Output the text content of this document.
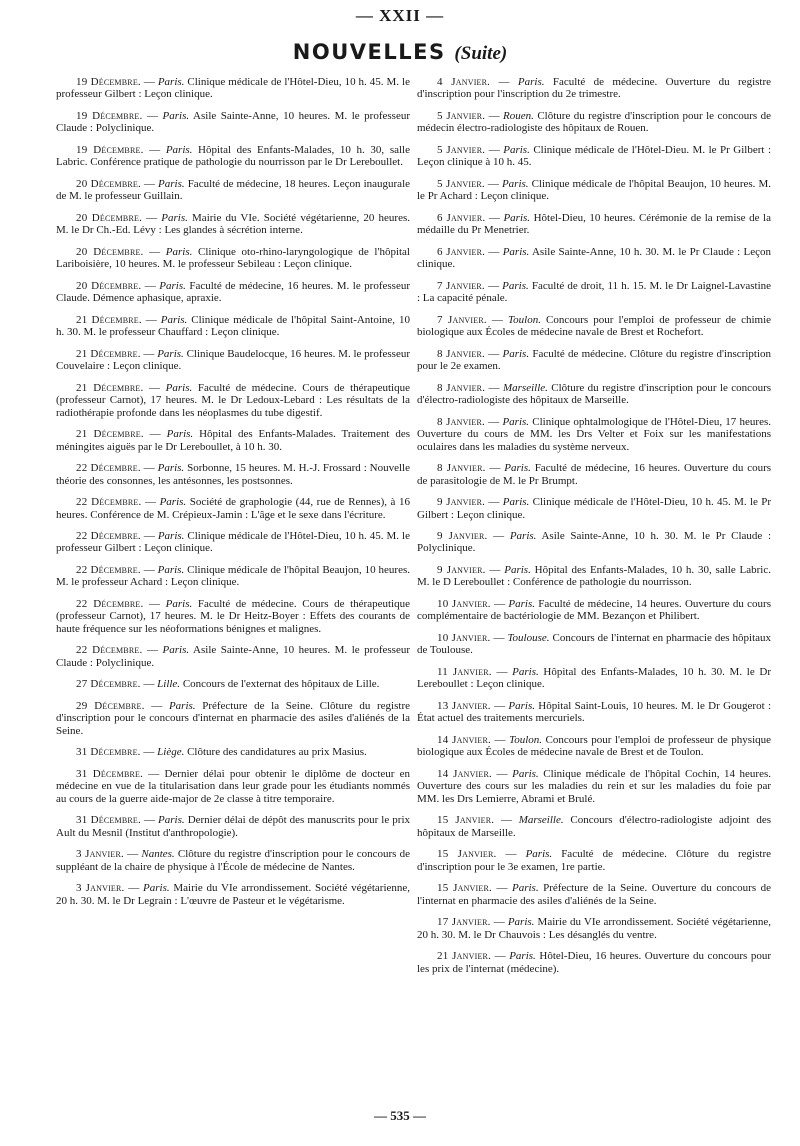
— XXII —
NOUVELLES (Suite)

19 Décembre. — Paris. Clinique médicale de l'Hôtel-Dieu, 10 h. 45. M. le professeur Gilbert : Leçon clinique.

19 Décembre. — Paris. Asile Sainte-Anne, 10 heures. M. le professeur Claude : Polyclinique.

19 Décembre. — Paris. Hôpital des Enfants-Malades, 10 h. 30, salle Labric. Conférence pratique de pathologie du nourrisson par le Dr Lereboullet.

20 Décembre. — Paris. Faculté de médecine, 18 heures. Leçon inaugurale de M. le professeur Guillain.

20 Décembre. — Paris. Mairie du VIe. Société végétarienne, 20 heures. M. le Dr Ch.-Ed. Lévy : Les glandes à sécrétion interne.

20 Décembre. — Paris. Clinique oto-rhino-laryngologique de l'hôpital Lariboisière, 10 heures. M. le professeur Sebileau : Leçon clinique.

20 Décembre. — Paris. Faculté de médecine, 16 heures. M. le professeur Claude. Démence aphasique, apraxie.

21 Décembre. — Paris. Clinique médicale de l'hôpital Saint-Antoine, 10 h. 30. M. le professeur Chauffard : Leçon clinique.

21 Décembre. — Paris. Clinique Baudelocque, 16 heures. M. le professeur Couvelaire : Leçon clinique.

21 Décembre. — Paris. Faculté de médecine. Cours de thérapeutique (professeur Carnot), 17 heures. M. le Dr Ledoux-Lebard : Les résultats de la radiothérapie profonde dans les néoplasmes du tube digestif.

21 Décembre. — Paris. Hôpital des Enfants-Malades. Traitement des méningites aiguës par le Dr Lereboullet, à 10 h. 30.

22 Décembre. — Paris. Sorbonne, 15 heures. M. H.-J. Frossard : Nouvelle théorie des consonnes, les antésonnes, les postsonnes.

22 Décembre. — Paris. Société de graphologie (44, rue de Rennes), à 16 heures. Conférence de M. Crépieux-Jamin : L'âge et le sexe dans l'écriture.

22 Décembre. — Paris. Clinique médicale de l'Hôtel-Dieu, 10 h. 45. M. le professeur Gilbert : Leçon clinique.

22 Décembre. — Paris. Clinique médicale de l'hôpital Beaujon, 10 heures. M. le professeur Achard : Leçon clinique.

22 Décembre. — Paris. Faculté de médecine. Cours de thérapeutique (professeur Carnot), 17 heures. M. le Dr Heitz-Boyer : Effets des courants de haute fréquence sur les néoformations bénignes et malignes.

22 Décembre. — Paris. Asile Sainte-Anne, 10 heures. M. le professeur Claude : Polyclinique.

27 Décembre. — Lille. Concours de l'externat des hôpitaux de Lille.

29 Décembre. — Paris. Préfecture de la Seine. Clôture du registre d'inscription pour le concours d'internat en pharmacie des asiles d'aliénés de la Seine.

31 Décembre. — Liège. Clôture des candidatures au prix Masius.

31 Décembre. — Dernier délai pour obtenir le diplôme de docteur en médecine en vue de la titularisation dans leur grade pour les étudiants nommés au cours de la guerre aide-major de 2e classe à titre temporaire.

31 Décembre. — Paris. Dernier délai de dépôt des manuscrits pour le prix Ault du Mesnil (Institut d'anthropologie).

3 Janvier. — Nantes. Clôture du registre d'inscription pour le concours de suppléant de la chaire de physique à l'École de médecine de Nantes.

3 Janvier. — Paris. Mairie du VIe arrondissement. Société végétarienne, 20 h. 30. M. le Dr Legrain : L'œuvre de Pasteur et le végétarisme.

4 Janvier. — Paris. Faculté de médecine. Ouverture du registre d'inscription pour l'inscription du 2e trimestre.

5 Janvier. — Rouen. Clôture du registre d'inscription pour le concours de médecin électro-radiologiste des hôpitaux de Rouen.

5 Janvier. — Paris. Clinique médicale de l'Hôtel-Dieu. M. le Pr Gilbert : Leçon clinique à 10 h. 45.

5 Janvier. — Paris. Clinique médicale de l'hôpital Beaujon, 10 heures. M. le Pr Achard : Leçon clinique.

6 Janvier. — Paris. Hôtel-Dieu, 10 heures. Cérémonie de la remise de la médaille du Pr Menetrier.

6 Janvier. — Paris. Asile Sainte-Anne, 10 h. 30. M. le Pr Claude : Leçon clinique.

7 Janvier. — Paris. Faculté de droit, 11 h. 15. M. le Dr Laignel-Lavastine : La capacité pénale.

7 Janvier. — Toulon. Concours pour l'emploi de professeur de chimie biologique aux Écoles de médecine navale de Brest et Rochefort.

8 Janvier. — Paris. Faculté de médecine. Clôture du registre d'inscription pour le 2e examen.

8 Janvier. — Marseille. Clôture du registre d'inscription pour le concours d'électro-radiologiste des hôpitaux de Marseille.

8 Janvier. — Paris. Clinique ophtalmologique de l'Hôtel-Dieu, 17 heures. Ouverture du cours de MM. les Drs Velter et Foix sur les manifestations oculaires dans les maladies du système nerveux.

8 Janvier. — Paris. Faculté de médecine, 16 heures. Ouverture du cours de parasitologie de M. le Pr Brumpt.

9 Janvier. — Paris. Clinique médicale de l'Hôtel-Dieu, 10 h. 45. M. le Pr Gilbert : Leçon clinique.

9 Janvier. — Paris. Asile Sainte-Anne, 10 h. 30. M. le Pr Claude : Polyclinique.

9 Janvier. — Paris. Hôpital des Enfants-Malades, 10 h. 30, salle Labric. M. le D Lereboullet : Conférence de pathologie du nourrisson.

10 Janvier. — Paris. Faculté de médecine, 14 heures. Ouverture du cours complémentaire de bactériologie de MM. Bezançon et Philibert.

10 Janvier. — Toulouse. Concours de l'internat en pharmacie des hôpitaux de Toulouse.

11 Janvier. — Paris. Hôpital des Enfants-Malades, 10 h. 30. M. le Dr Lereboullet : Leçon clinique.

13 Janvier. — Paris. Hôpital Saint-Louis, 10 heures. M. le Dr Gougerot : État actuel des traitements mercuriels.

14 Janvier. — Toulon. Concours pour l'emploi de professeur de physique biologique aux Écoles de médecine navale de Brest et de Toulon.

14 Janvier. — Paris. Clinique médicale de l'hôpital Cochin, 14 heures. Ouverture des cours sur les maladies du rein et sur les maladies du foie par MM. les Drs Lemierre, Abrami et Brulé.

15 Janvier. — Marseille. Concours d'électro-radiologiste adjoint des hôpitaux de Marseille.

15 Janvier. — Paris. Faculté de médecine. Clôture du registre d'inscription pour le 3e examen, 1re partie.

15 Janvier. — Paris. Préfecture de la Seine. Ouverture du concours de l'internat en pharmacie des asiles d'aliénés de la Seine.

17 Janvier. — Paris. Mairie du VIe arrondissement. Société végétarienne, 20 h. 30. M. le Dr Chauvois : Les désanglés du ventre.

21 Janvier. — Paris. Hôtel-Dieu, 16 heures. Ouverture du concours pour les prix de l'internat (médecine).

— 535 —
